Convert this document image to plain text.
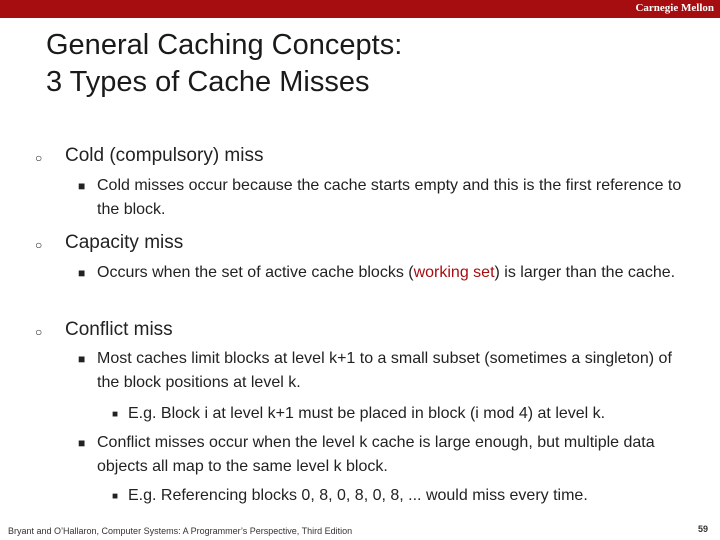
Carnegie Mellon
General Caching Concepts:
3 Types of Cache Misses
○ Cold (compulsory) miss
■ Cold misses occur because the cache starts empty and this is the first reference to the block.
○ Capacity miss
■ Occurs when the set of active cache blocks (working set) is larger than the cache.
○ Conflict miss
■ Most caches limit blocks at level k+1 to a small subset (sometimes a singleton) of the block positions at level k.
■ E.g. Block i at level k+1 must be placed in block (i mod 4) at level k.
■ Conflict misses occur when the level k cache is large enough, but multiple data objects all map to the same level k block.
■ E.g. Referencing blocks 0, 8, 0, 8, 0, 8, ... would miss every time.
Bryant and O’Hallaron, Computer Systems: A Programmer’s Perspective, Third Edition	59
